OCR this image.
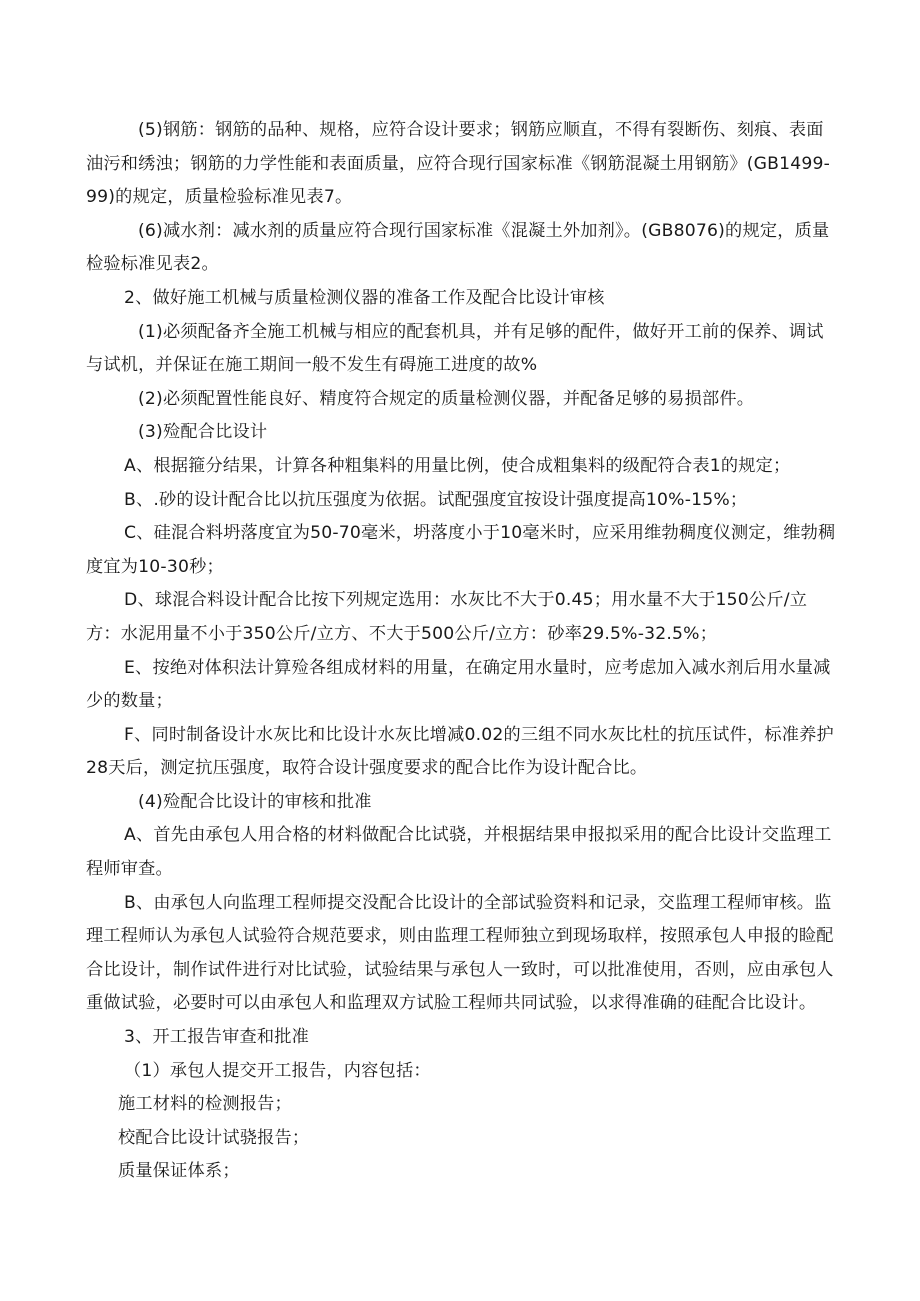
(5)钢筋：钢筋的品种、规格，应符合设计要求；钢筋应顺直，不得有裂断伤、刻痕、表面油污和绣浊；钢筋的力学性能和表面质量，应符合现行国家标准《钢筋混凝土用钢筋》(GB1499-99)的规定，质量检验标准见表7。

(6)减水剂：减水剂的质量应符合现行国家标准《混凝土外加剂》。(GB8076)的规定，质量检验标准见表2。

2、做好施工机械与质量检测仪器的准备工作及配合比设计审核

(1)必须配备齐全施工机械与相应的配套机具，并有足够的配件，做好开工前的保养、调试与试机，并保证在施工期间一般不发生有碍施工进度的故%

(2)必须配置性能良好、精度符合规定的质量检测仪器，并配备足够的易损部件。

(3)殓配合比设计

A、根据箍分结果，计算各种粗集料的用量比例，使合成粗集料的级配符合表1的规定；

B、.砂的设计配合比以抗压强度为依据。试配强度宜按设计强度提高10%-15%；

C、硅混合料坍落度宜为50-70毫米，坍落度小于10毫米时，应采用维勃稠度仪测定，维勃稠度宜为10-30秒；

D、球混合料设计配合比按下列规定选用：水灰比不大于0.45；用水量不大于150公斤/立方：水泥用量不小于350公斤/立方、不大于500公斤/立方：砂率29.5%-32.5%；

E、按绝对体积法计算殓各组成材料的用量，在确定用水量时，应考虑加入减水剂后用水量减少的数量；

F、同时制备设计水灰比和比设计水灰比增减0.02的三组不同水灰比杜的抗压试件，标准养护28天后，测定抗压强度，取符合设计强度要求的配合比作为设计配合比。

(4)殓配合比设计的审核和批准

A、首先由承包人用合格的材料做配合比试骁，并根据结果申报拟采用的配合比设计交监理工程师审查。

B、由承包人向监理工程师提交没配合比设计的全部试验资料和记录，交监理工程师审核。监理工程师认为承包人试验符合规范要求，则由监理工程师独立到现场取样，按照承包人申报的睑配合比设计，制作试件进行对比试验，试验结果与承包人一致时，可以批准使用，否则，应由承包人重做试验，必要时可以由承包人和监理双方试脸工程师共同试验，以求得准确的硅配合比设计。

3、开工报告审查和批准

（1）承包人提交开工报告，内容包括：

施工材料的检测报告；

校配合比设计试骁报告；

质量保证体系；
